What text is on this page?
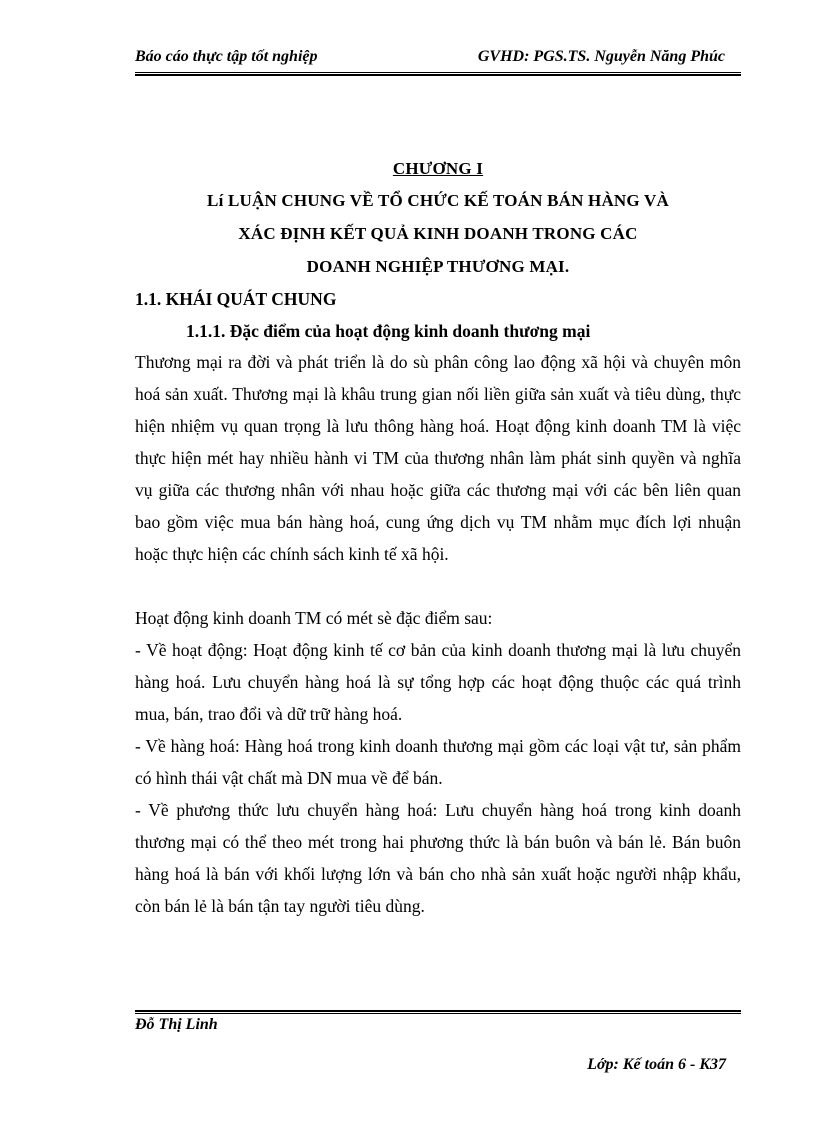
Báo cáo thực tập tốt nghiệp	GVHD: PGS.TS. Nguyễn Năng Phúc
CHƯƠNG I
Lí LUẬN CHUNG VỀ TỔ CHỨC KẾ TOÁN BÁN HÀNG VÀ
XÁC ĐỊNH KẾT QUẢ KINH DOANH TRONG CÁC
DOANH NGHIỆP THƯƠNG MẠI.
1.1. KHÁI QUÁT CHUNG
1.1.1. Đặc điểm của hoạt động kinh doanh thương mại
Thương mại ra đời và phát triển là do sù phân công lao động xã hội và chuyên môn hoá sản xuất. Thương mại là khâu trung gian nối liền giữa sản xuất và tiêu dùng, thực hiện nhiệm vụ quan trọng là lưu thông hàng hoá. Hoạt động kinh doanh TM là việc thực hiện mét hay nhiều hành vi TM của thương nhân làm phát sinh quyền và nghĩa vụ giữa các thương nhân với nhau hoặc giữa các thương mại với các bên liên quan bao gồm việc mua bán hàng hoá, cung ứng dịch vụ TM nhằm mục đích lợi nhuận hoặc thực hiện các chính sách kinh tế xã hội.
Hoạt động kinh doanh TM có mét sè đặc điểm sau:
- Về hoạt động: Hoạt động kinh tế cơ bản của kinh doanh thương mại là lưu chuyển hàng hoá. Lưu chuyển hàng hoá là sự tổng hợp các hoạt động thuộc các quá trình mua, bán, trao đổi và dữ trữ hàng hoá.
- Về hàng hoá: Hàng hoá trong kinh doanh thương mại gồm các loại vật tư, sản phẩm có hình thái vật chất mà DN mua về để bán.
- Về phương thức lưu chuyển hàng hoá: Lưu chuyển hàng hoá trong kinh doanh thương mại có thể theo mét trong hai phương thức là bán buôn và bán lẻ. Bán buôn hàng hoá là bán với khối lượng lớn và bán cho nhà sản xuất hoặc người nhập khẩu, còn bán lẻ là bán tận tay người tiêu dùng.
Đỗ Thị Linh
Lớp: Kế toán 6 - K37
